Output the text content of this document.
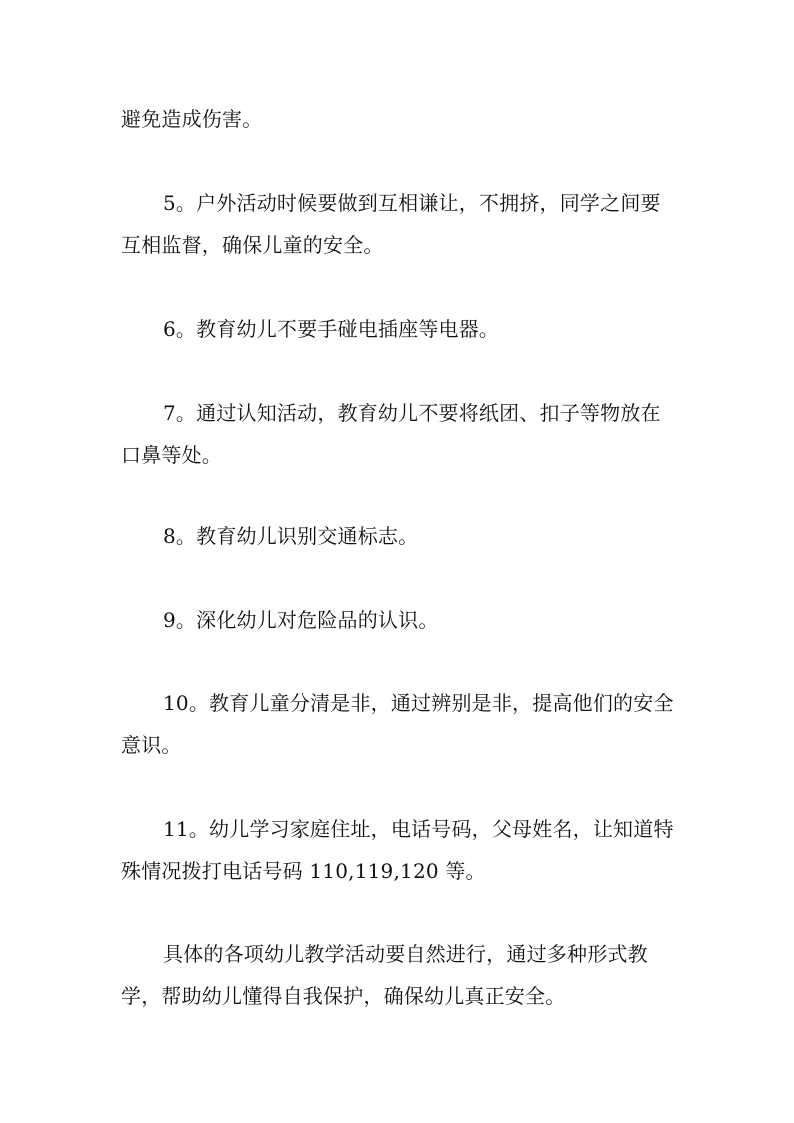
避免造成伤害。

5。户外活动时候要做到互相谦让，不拥挤，同学之间要互相监督，确保儿童的安全。

6。教育幼儿不要手碰电插座等电器。

7。通过认知活动，教育幼儿不要将纸团、扣子等物放在口鼻等处。

8。教育幼儿识别交通标志。

9。深化幼儿对危险品的认识。

10。教育儿童分清是非，通过辨别是非，提高他们的安全意识。

11。幼儿学习家庭住址，电话号码，父母姓名，让知道特殊情况拨打电话号码 110,119,120 等。

具体的各项幼儿教学活动要自然进行，通过多种形式教学，帮助幼儿懂得自我保护，确保幼儿真正安全。
